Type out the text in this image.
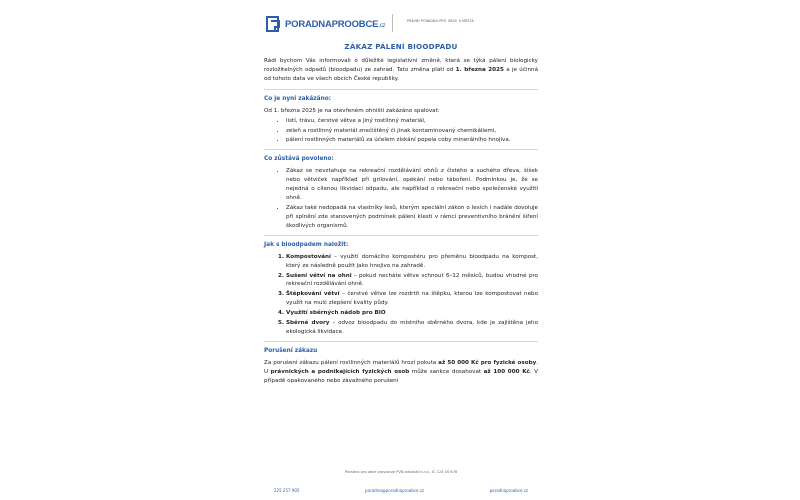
PORADNAPROOBCE.cz
PRÁVNÍ PORADNA PRO OBCE A MĚSTA
ZÁKAZ PÁLENÍ BIOODPADU

Rádi bychom Vás informovali o důležité legislativní změně, která se týká pálení biologicky rozložitelných odpadů (bioodpadu) ze zahrad. Tato změna platí od 1. března 2025 a je účinná od tohoto data ve všech obcích České republiky.

Co je nyní zakázáno:

Od 1. března 2025 je na otevřeném ohništi zakázáno spalovat:

• listí, trávu, čerstvé větve a jiný rostlinný materiál,
• zeleň a rostlinný materiál znečištěný či jinak kontaminovaný chemikáliemi,
• pálení rostlinných materiálů za účelem získání popela coby minerálního hnojiva.
Co zůstává povoleno:
• Zákaz se nevztahuje na rekreační rozdělávání ohňů z čistého a suchého dřeva, šišek nebo větviček například při grilování, opékání nebo táboření. Podmínkou je, že se nejedná o cílenou likvidaci odpadu, ale například o rekreační nebo společenské využití ohně.
• Zákaz také nedopadá na vlastníky lesů, kterým speciální zákon o lesích i nadále dovoluje při splnění zde stanovených podmínek pálení klestí v rámci preventivního bránění šíření škodlivých organismů.
Jak s bioodpadem naložit:
1. Kompostování – využití domácího kompostéru pro přeměnu bioodpadu na kompost, který ze následně použít jako hnojivo na zahradě.
2. Sušení větví na ohni – pokud necháte větve schnout 6–12 měsíců, budou vhodné pro rekreační rozdělávání ohně.
3. Štěpkování větví – čerstvé větve lze rozdrtit na štěpku, kterou lze kompostovat nebo využít na mulč zlepšení kvality půdy.
4. Využití sběrných nádob pro BIO
5. Sběrné dvory – odvoz bioodpadu do místního sběrného dvora, kde je zajištěna jeho ekologická likvidace.
Porušení zákazu

Za porušení zákazu pálení rostlinných materiálů hrozí pokuta až 50 000 Kč pro fyzické osoby. U právnických a podnikajících fyzických osob může sankce dosahovat až 100 000 Kč. V případě opakovaného nebo závažného porušení

Poradna pro obce provozuje PVB advokáti s.r.o., IČ 123 45 678
225 257 905	poradna@poradnaproobce.cz	poradnaproobce.cz
